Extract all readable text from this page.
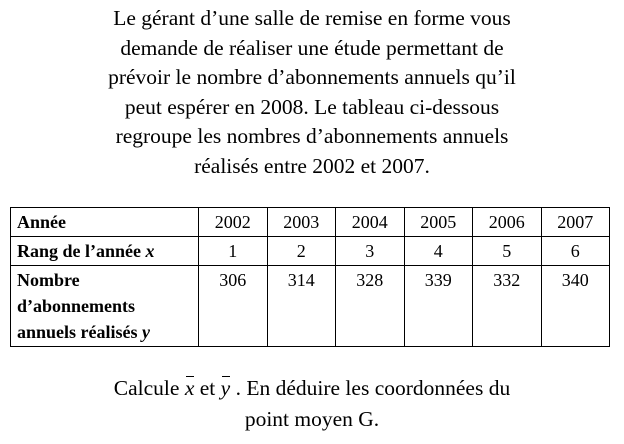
Le gérant d’une salle de remise en forme vous
demande de réaliser une étude permettant de
prévoir le nombre d’abonnements annuels qu’il
peut espérer en 2008. Le tableau ci-dessous
regroupe les nombres d’abonnements annuels
réalisés entre 2002 et 2007.
Année	2002	2003	2004	2005	2006	2007
Rang de l’année x	1	2	3	4	5	6

Nombre
d’abonnements
annuels réalisés y	306	314	328	339	332	340
Calcule x et y . En déduire les coordonnées du
point moyen G.
